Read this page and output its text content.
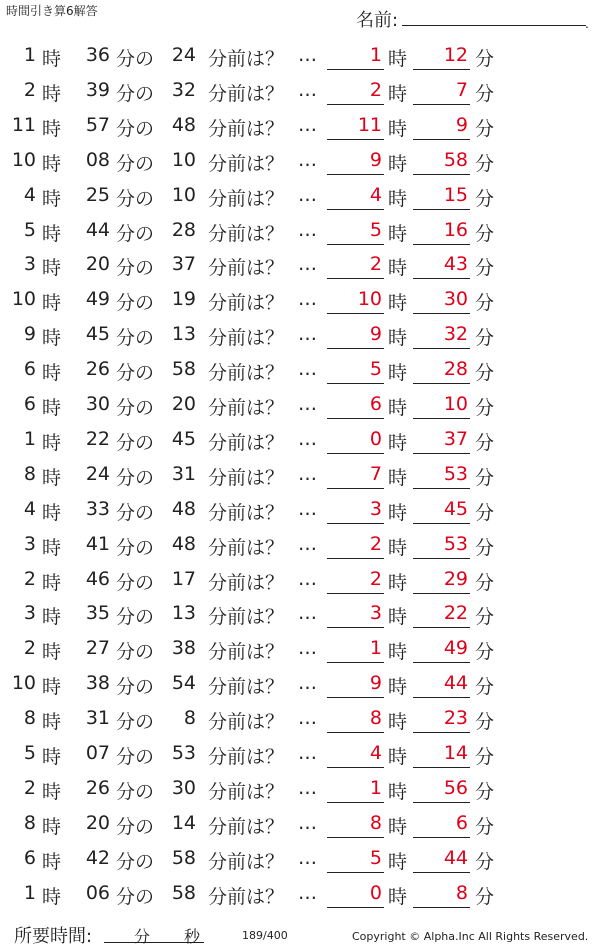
時間引き算6解答	名前:	.
1 時 36 分の 24 分前は？ …	1 時	12 分
2 時 39 分の 32 分前は？ …	2 時	7 分
11 時 57 分の 48 分前は？ …	11 時	9 分
10 時 08 分の 10 分前は？ …	9 時	58 分
4 時 25 分の 10 分前は？ …	4 時	15 分
5 時 44 分の 28 分前は？ …	5 時	16 分
3 時 20 分の 37 分前は？ …	2 時	43 分
10 時 49 分の 19 分前は？ …	10 時	30 分
9 時 45 分の 13 分前は？ …	9 時	32 分
6 時 26 分の 58 分前は？ …	5 時	28 分
6 時 30 分の 20 分前は？ …	6 時	10 分
1 時 22 分の 45 分前は？ …	0 時	37 分
8 時 24 分の 31 分前は？ …	7 時	53 分
4 時 33 分の 48 分前は？ …	3 時	45 分
3 時 41 分の 48 分前は？ …	2 時	53 分
2 時 46 分の 17 分前は？ …	2 時	29 分
3 時 35 分の 13 分前は？ …	3 時	22 分
2 時 27 分の 38 分前は？ …	1 時	49 分
10 時 38 分の 54 分前は？ …	9 時	44 分
8 時 31 分の	8 分前は？ …	8 時	23 分
5 時 07 分の 53 分前は？ …	4 時	14 分
2 時 26 分の 30 分前は？ …	1 時	56 分
8 時 20 分の 14 分前は？ …	8 時	6 分
6 時 42 分の 58 分前は？ …	5 時	44 分
1 時 06 分の 58 分前は？ …	0 時	8 分
所要時間:	分 秒	189/400	Copyright © Alpha.Inc All Rights Reserved.
